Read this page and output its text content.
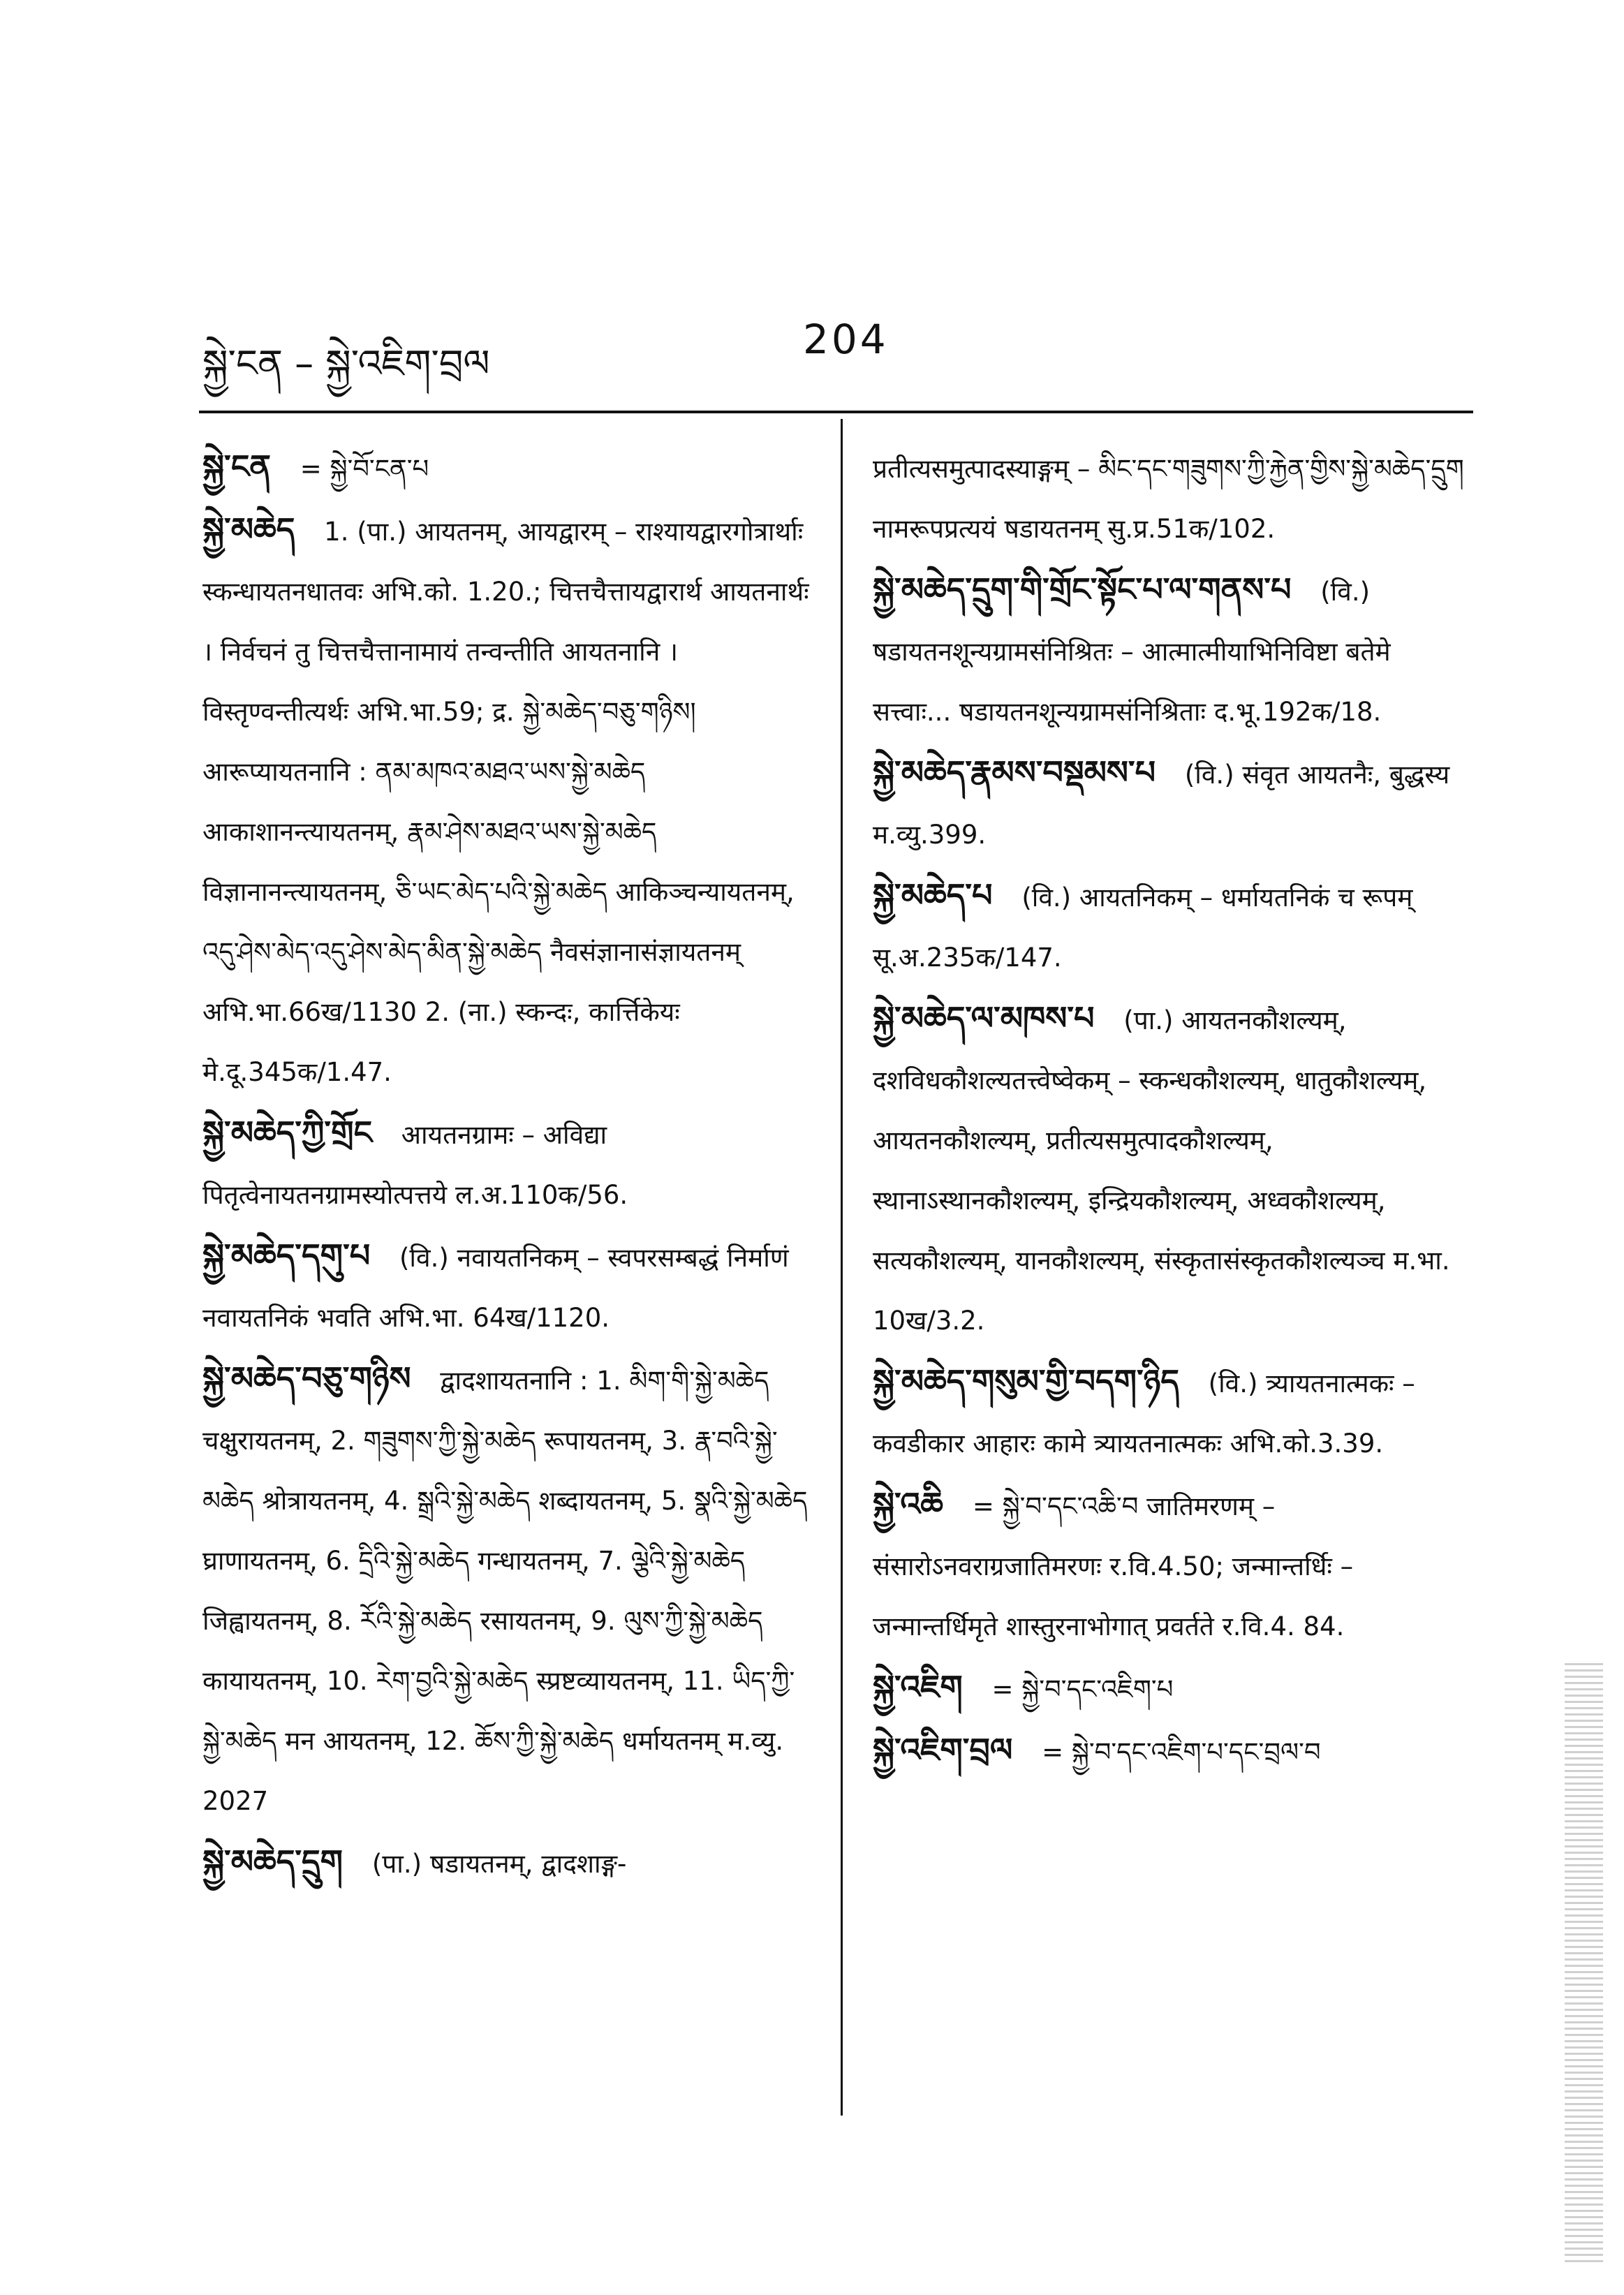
སྐྱེ་ངན – སྐྱེ་འཇིག་བྲལ
204
སྐྱེ་ངན = སྐྱེ་བོ་ངན་པ
སྐྱེ་མཆེད 1. (पा.) आयतनम्, आयद्वारम् – राश्यायद्वारगोत्रार्थाः स्कन्धायतनधातवः अभि.को. 1.20.; चित्तचैत्तायद्वारार्थ आयतनार्थः । निर्वचनं तु चित्तचैत्तानामायं तन्वन्तीति आयतनानि । विस्तृण्वन्तीत्यर्थः अभि.भा.59; द्र. སྐྱེ་མཆེད་བཅུ་གཉིས། आरूप्यायतनानि : ནམ་མཁའ་མཐའ་ཡས་སྐྱེ་མཆེད आकाशानन्त्यायतनम्, རྣམ་ཤེས་མཐའ་ཡས་སྐྱེ་མཆེད विज्ञानानन्त्यायतनम्, ཅི་ཡང་མེད་པའི་སྐྱེ་མཆེད आकिञ्चन्यायतनम्, འདུ་ཤེས་མེད་འདུ་ཤེས་མེད་མིན་སྐྱེ་མཆེད नैवसंज्ञानासंज्ञायतनम् अभि.भा.66ख/1130 2. (ना.) स्कन्दः, कार्त्तिकेयः मे.दू.345क/1.47.
སྐྱེ་མཆེད་ཀྱི་གྲོང आयतनग्रामः – अविद्या पितृत्वेनायतनग्रामस्योत्पत्तये ल.अ.110क/56.
སྐྱེ་མཆེད་དགུ་པ (वि.) नवायतनिकम् – स्वपरसम्बद्धं निर्माणं नवायतनिकं भवति अभि.भा. 64ख/1120.
སྐྱེ་མཆེད་བཅུ་གཉིས द्वादशायतनानि : 1. མིག་གི་སྐྱེ་མཆེད चक्षुरायतनम्, 2. གཟུགས་ཀྱི་སྐྱེ་མཆེད रूपायतनम्, 3. རྣ་བའི་སྐྱེ་མཆེད श्रोत्रायतनम्, 4. སྒྲའི་སྐྱེ་མཆེད शब्दायतनम्, 5. སྣའི་སྐྱེ་མཆེད घ्राणायतनम्, 6. དྲིའི་སྐྱེ་མཆེད गन्धायतनम्, 7. ལྕེའི་སྐྱེ་མཆེད जिह्वायतनम्, 8. རོའི་སྐྱེ་མཆེད रसायतनम्, 9. ལུས་ཀྱི་སྐྱེ་མཆེད कायायतनम्, 10. རེག་བྱའི་སྐྱེ་མཆེད स्प्रष्टव्यायतनम्, 11. ཡིད་ཀྱི་སྐྱེ་མཆེད मन आयतनम्, 12. ཆོས་ཀྱི་སྐྱེ་མཆེད धर्मायतनम् म.व्यु. 2027
སྐྱེ་མཆེད་དྲུག (पा.) षडायतनम्, द्वादशाङ्ग-
प्रतीत्यसमुत्पादस्याङ्गम् – མིང་དང་གཟུགས་ཀྱི་རྐྱེན་གྱིས་སྐྱེ་མཆེད་དྲུག नामरूपप्रत्ययं षडायतनम् सु.प्र.51क/102.
སྐྱེ་མཆེད་དྲུག་གི་གྲོང་སྟོང་པ་ལ་གནས་པ (वि.) षडायतनशून्यग्रामसंनिश्रितः – आत्मात्मीयाभिनिविष्टा बतेमे सत्त्वाः... षडायतनशून्यग्रामसंनिश्रिताः द.भू.192क/18.
སྐྱེ་མཆེད་རྣམས་བསྡམས་པ (वि.) संवृत आयतनैः, बुद्धस्य म.व्यु.399.
སྐྱེ་མཆེད་པ (वि.) आयतनिकम् – धर्मायतनिकं च रूपम् सू.अ.235क/147.
སྐྱེ་མཆེད་ལ་མཁས་པ (पा.) आयतनकौशल्यम्, दशविधकौशल्यतत्त्वेष्वेकम् – स्कन्धकौशल्यम्, धातुकौशल्यम्, आयतनकौशल्यम्, प्रतीत्यसमुत्पादकौशल्यम्, स्थानाऽस्थानकौशल्यम्, इन्द्रियकौशल्यम्, अध्वकौशल्यम्, सत्यकौशल्यम्, यानकौशल्यम्, संस्कृतासंस्कृतकौशल्यञ्च म.भा. 10ख/3.2.
སྐྱེ་མཆེད་གསུམ་གྱི་བདག་ཉིད (वि.) त्र्यायतनात्मकः – कवडीकार आहारः कामे त्र्यायतनात्मकः अभि.को.3.39.
སྐྱེ་འཆི = སྐྱེ་བ་དང་འཆི་བ जातिमरणम् – संसारोऽनवराग्रजातिमरणः र.वि.4.50; जन्मान्तर्धिः – जन्मान्तर्धिमृते शास्तुरनाभोगात् प्रवर्तते र.वि.4. 84.
སྐྱེ་འཇིག = སྐྱེ་བ་དང་འཇིག་པ
སྐྱེ་འཇིག་བྲལ = སྐྱེ་བ་དང་འཇིག་པ་དང་བྲལ་བ
